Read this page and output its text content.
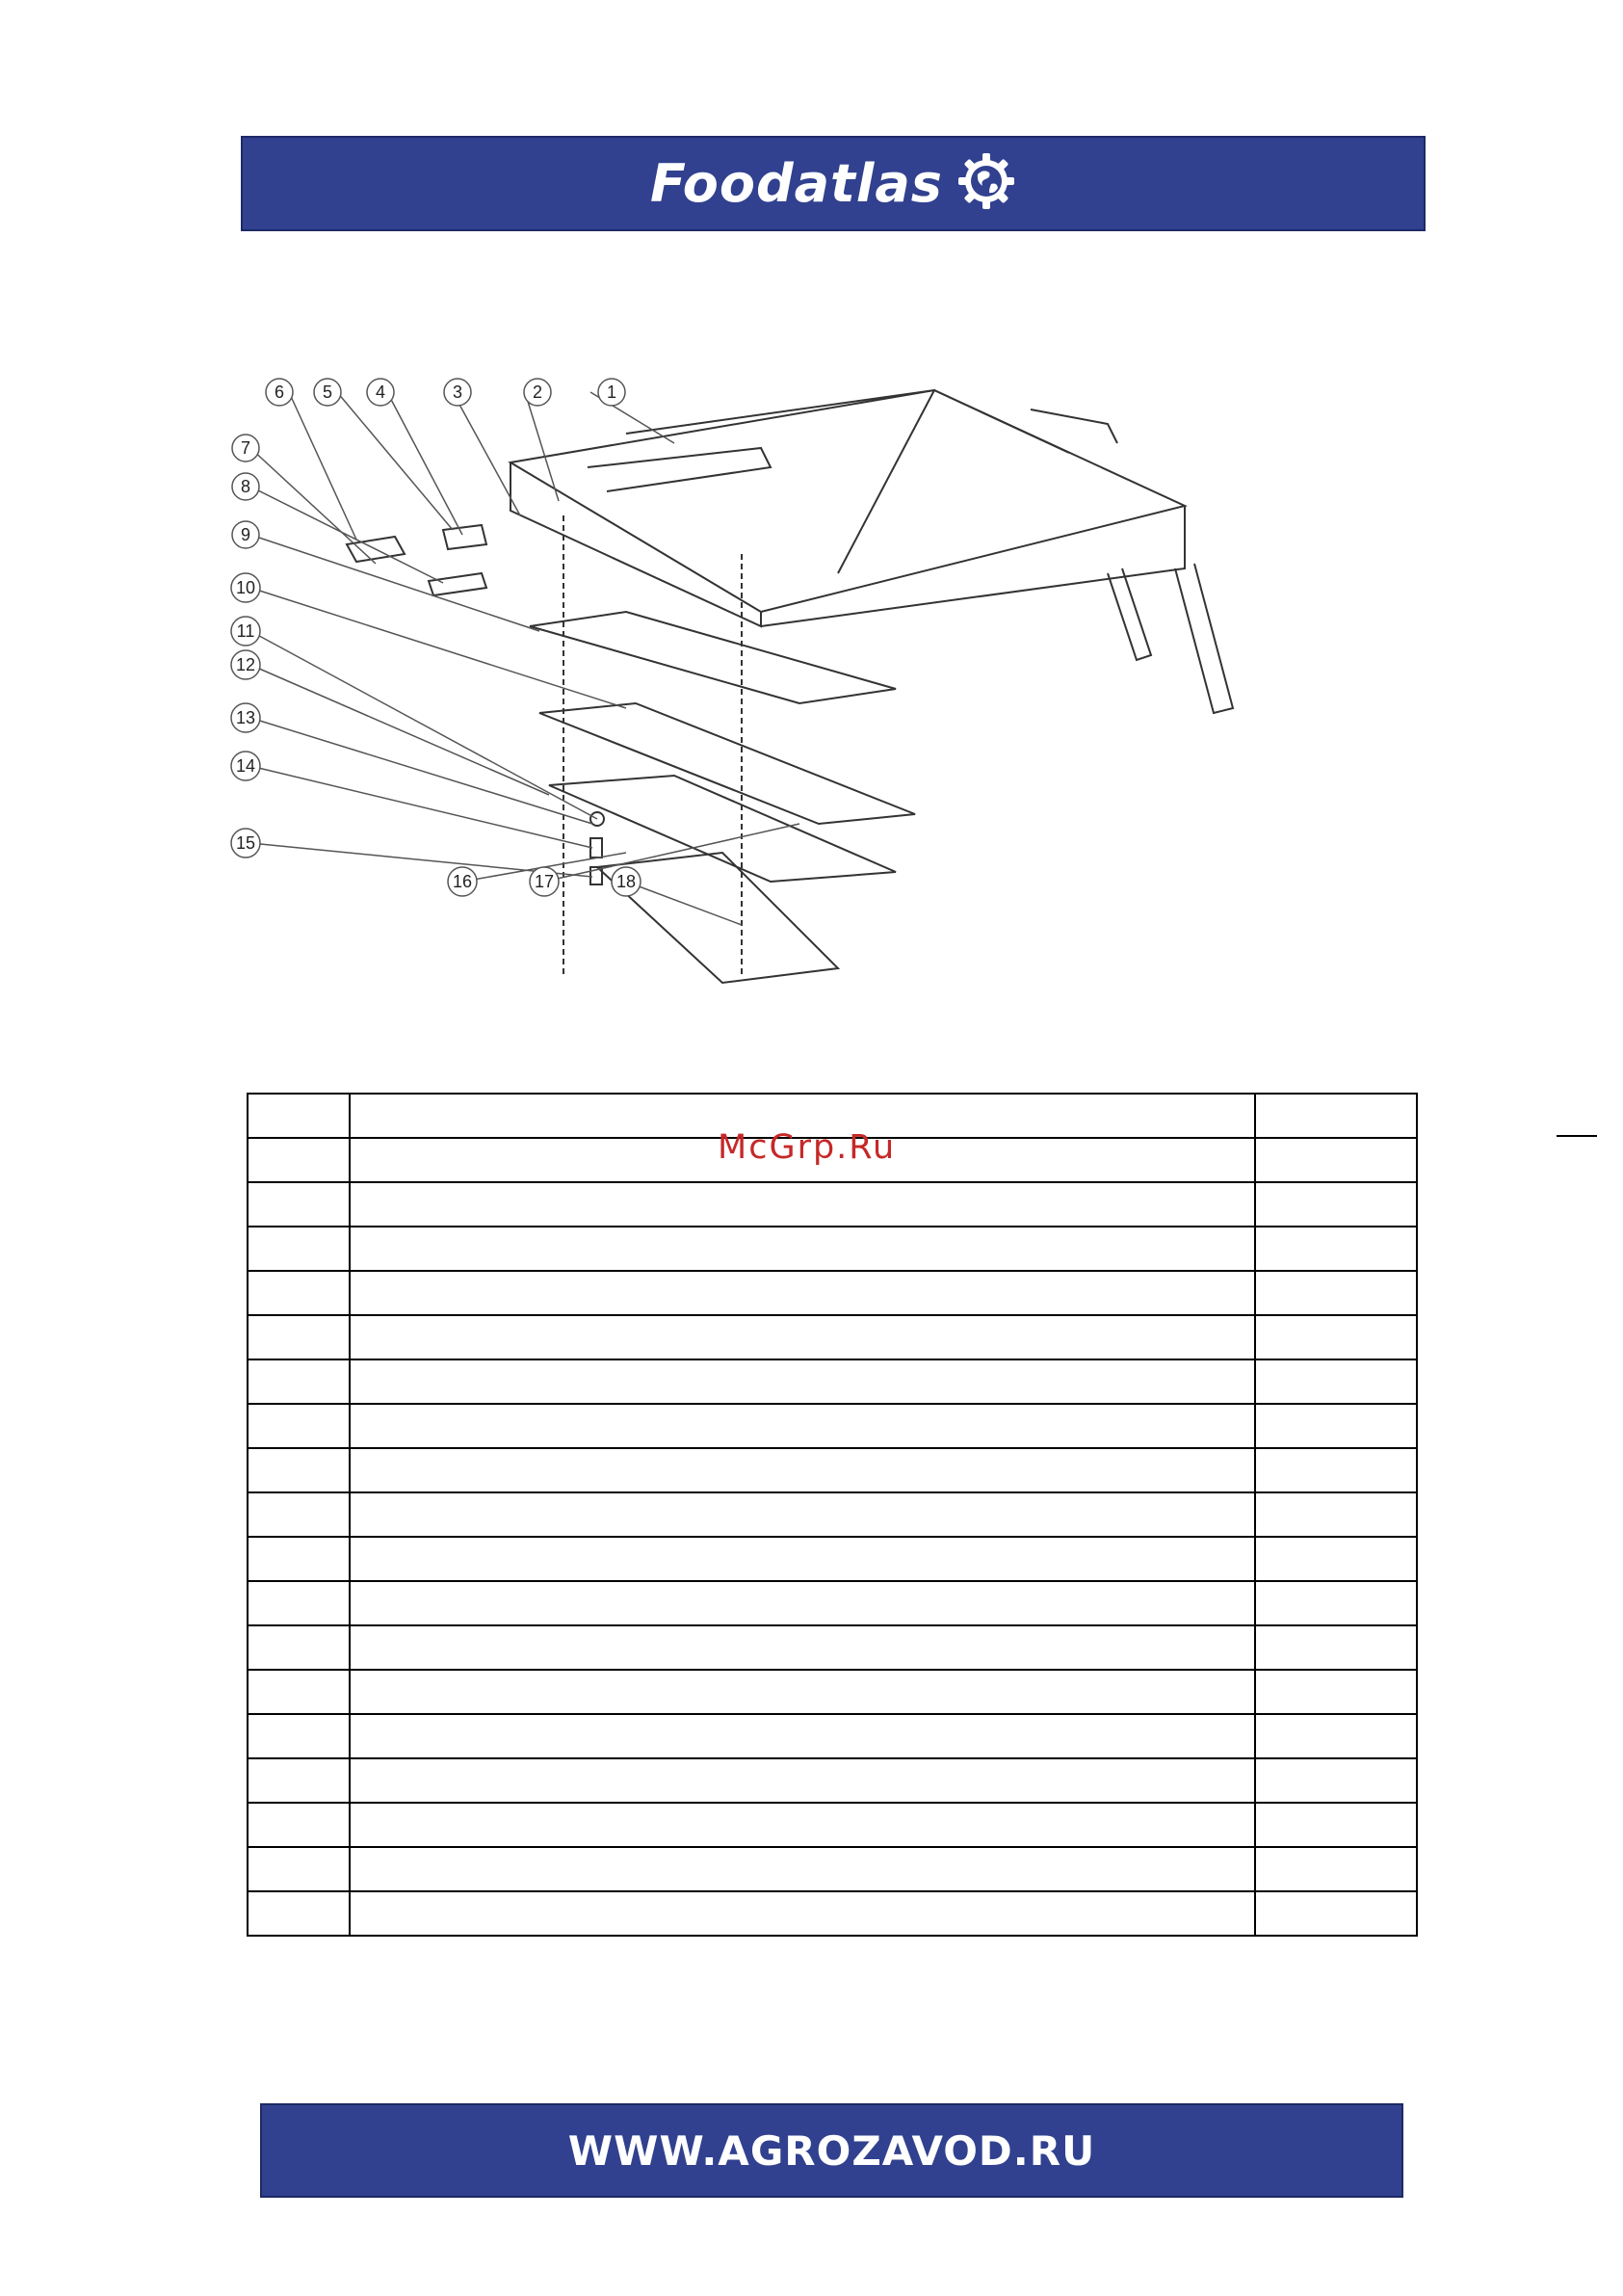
Foodatlas
6 5 4	3	2	1
7
8
9
10
11
12
13
14
15
16	17	18

McGrp.Ru
WWW.AGROZAVOD.RU
